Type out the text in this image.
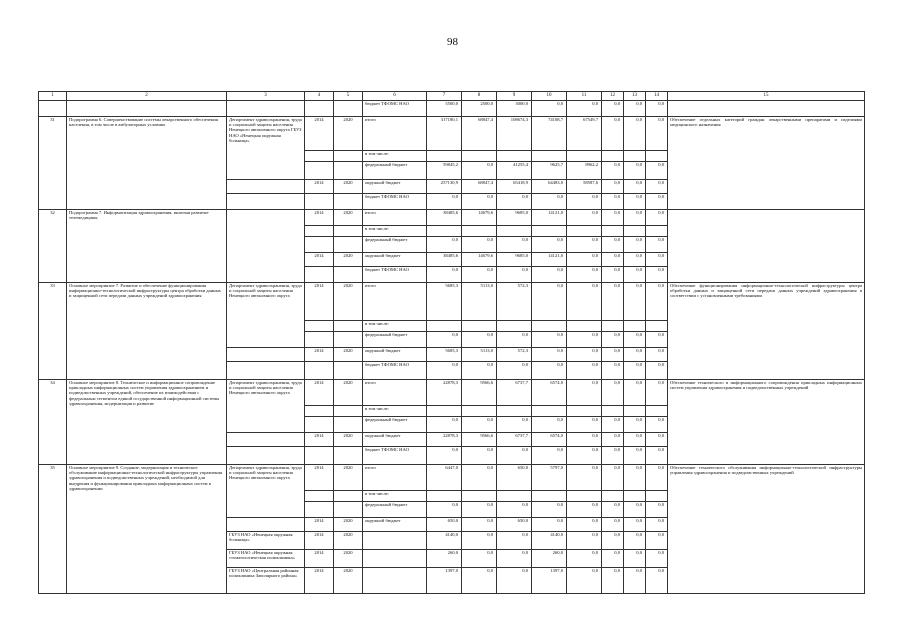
98
1	2	3	4	5	6	7	8	9	10	11	12	13	14	15
					бюджет ТФОМС НАО	5500,0	2500,0	3000,0	0,0	0,0	0,0	0,0	0,0	
31	Подпрограмма 6. Совершенствование системы лекарственного обеспечения населения, в том числе в амбулаторных условиях	Департамент здравоохранения, труда и социальной защиты населения Ненецкого автономного округа ГБУЗ НАО «Ненецкая окружная больница»	2014	2020	итого	317180,1	68847,4	108674,3	74108,7	67549,7	0,0	0,0	0,0	Обеспечение отдельных категорий граждан лекарственными препаратами и изделиями медицинского назначения
					в том числе:									
					федеральный бюджет	59845,2	0,0	41255,4	9625,7	8962,2	0,0	0,0	0,0	
			2014	2020	окружной бюджет	257130,9	68847,4	65418,9	64483,0	58587,6	0,0	0,0	0,0	
					бюджет ТФОМС НАО	0,0	0,0	0,0	0,0	0,0	0,0	0,0	0,0	
32	Подпрограмма 7. Информатизация здравоохранения, включая развитие телемедицины		2014	2020	итого	38485,6	14679,6	9685,0	14121,0	0,0	0,0	0,0	0,0	
					в том числе:									
					федеральный бюджет	0,0	0,0	0,0	0,0	0,0	0,0	0,0	0,0	
			2014	2020	окружной бюджет	38485,6	14679,6	9685,0	14121,0	0,0	0,0	0,0	0,0	
					бюджет ТФОМС НАО	0,0	0,0	0,0	0,0	0,0	0,0	0,0	0,0	
33	Основное мероприятие 7. Развитие и обеспечение функционирования информационно-технологической инфраструктуры центра обработки данных и защищенной сети передачи данных учреждений здравоохранения	Департамент здравоохранения, труда и социальной защиты населения Ненецкого автономного округа	2014	2020	итого	5685,3	5113,0	572,3	0,0	0,0	0,0	0,0	0,0	Обеспечение функционирования информационно-технологической инфраструктуры центра обработки данных и защищенной сети передачи данных учреждений здравоохранения в соответствии с установленными требованиями
					в том числе:									
					федеральный бюджет	0,0	0,0	0,0	0,0	0,0	0,0	0,0	0,0	
			2014	2020	окружной бюджет	5685,3	5113,0	572,3	0,0	0,0	0,0	0,0	0,0	
					бюджет ТФОМС НАО	0,0	0,0	0,0	0,0	0,0	0,0	0,0	0,0	
34	Основное мероприятие 8. Техническое и информационное сопровождение прикладных информационных систем управления здравоохранением и подведомственных учреждений, обеспечение их взаимодействия с федеральным сегментом единой государственной информационной системы здравоохранения, модернизация и развитие	Департамент здравоохранения, труда и социальной защиты населения Ненецкого автономного округа	2014	2020	итого	22878,3	9566,6	6737,7	6574,0	0,0	0,0	0,0	0,0	Обеспечение технического и информационного сопровождения прикладных информационных систем управления здравоохранения и подведомственных учреждений
					в том числе:									
					федеральный бюджет	0,0	0,0	0,0	0,0	0,0	0,0	0,0	0,0	
			2014	2020	окружной бюджет	22878,3	9566,6	6737,7	6574,0	0,0	0,0	0,0	0,0	
					бюджет ТФОМС НАО	0,0	0,0	0,0	0,0	0,0	0,0	0,0	0,0	
35	Основное мероприятие 9. Создание, модернизация и техническое обслуживание информационно-технологической инфраструктуры управления здравоохранения и подведомственных учреждений, необходимой для внедрения и функционирования прикладных информационных систем в здравоохранении	Департамент здравоохранения, труда и социальной защиты населения Ненецкого автономного округа	2014	2020	итого	6447,0	0,0	650,0	5797,0	0,0	0,0	0,0	0,0	Обеспечение технического обслуживания информационно-технологической инфраструктуры управления здравоохранения и подведомственных учреждений
					в том числе:									
					федеральный бюджет	0,0	0,0	0,0	0,0	0,0	0,0	0,0	0,0	
			2014	2020	окружной бюджет	650,0	0,0	650,0	0,0	0,0	0,0	0,0	0,0	
		ГБУЗ НАО «Ненецкая окружная больница»	2014	2020		4140,0	0,0	0,0	4140,0	0,0	0,0	0,0	0,0	
		ГБУЗ НАО «Ненецкая окружная стоматологическая поликлиника»	2014	2020		260,0	0,0	0,0	260,0	0,0	0,0	0,0	0,0	
		ГБУЗ НАО «Центральная районная поликлиника Заполярного района»	2014	2020		1397,0	0,0	0,0	1397,0	0,0	0,0	0,0	0,0	
